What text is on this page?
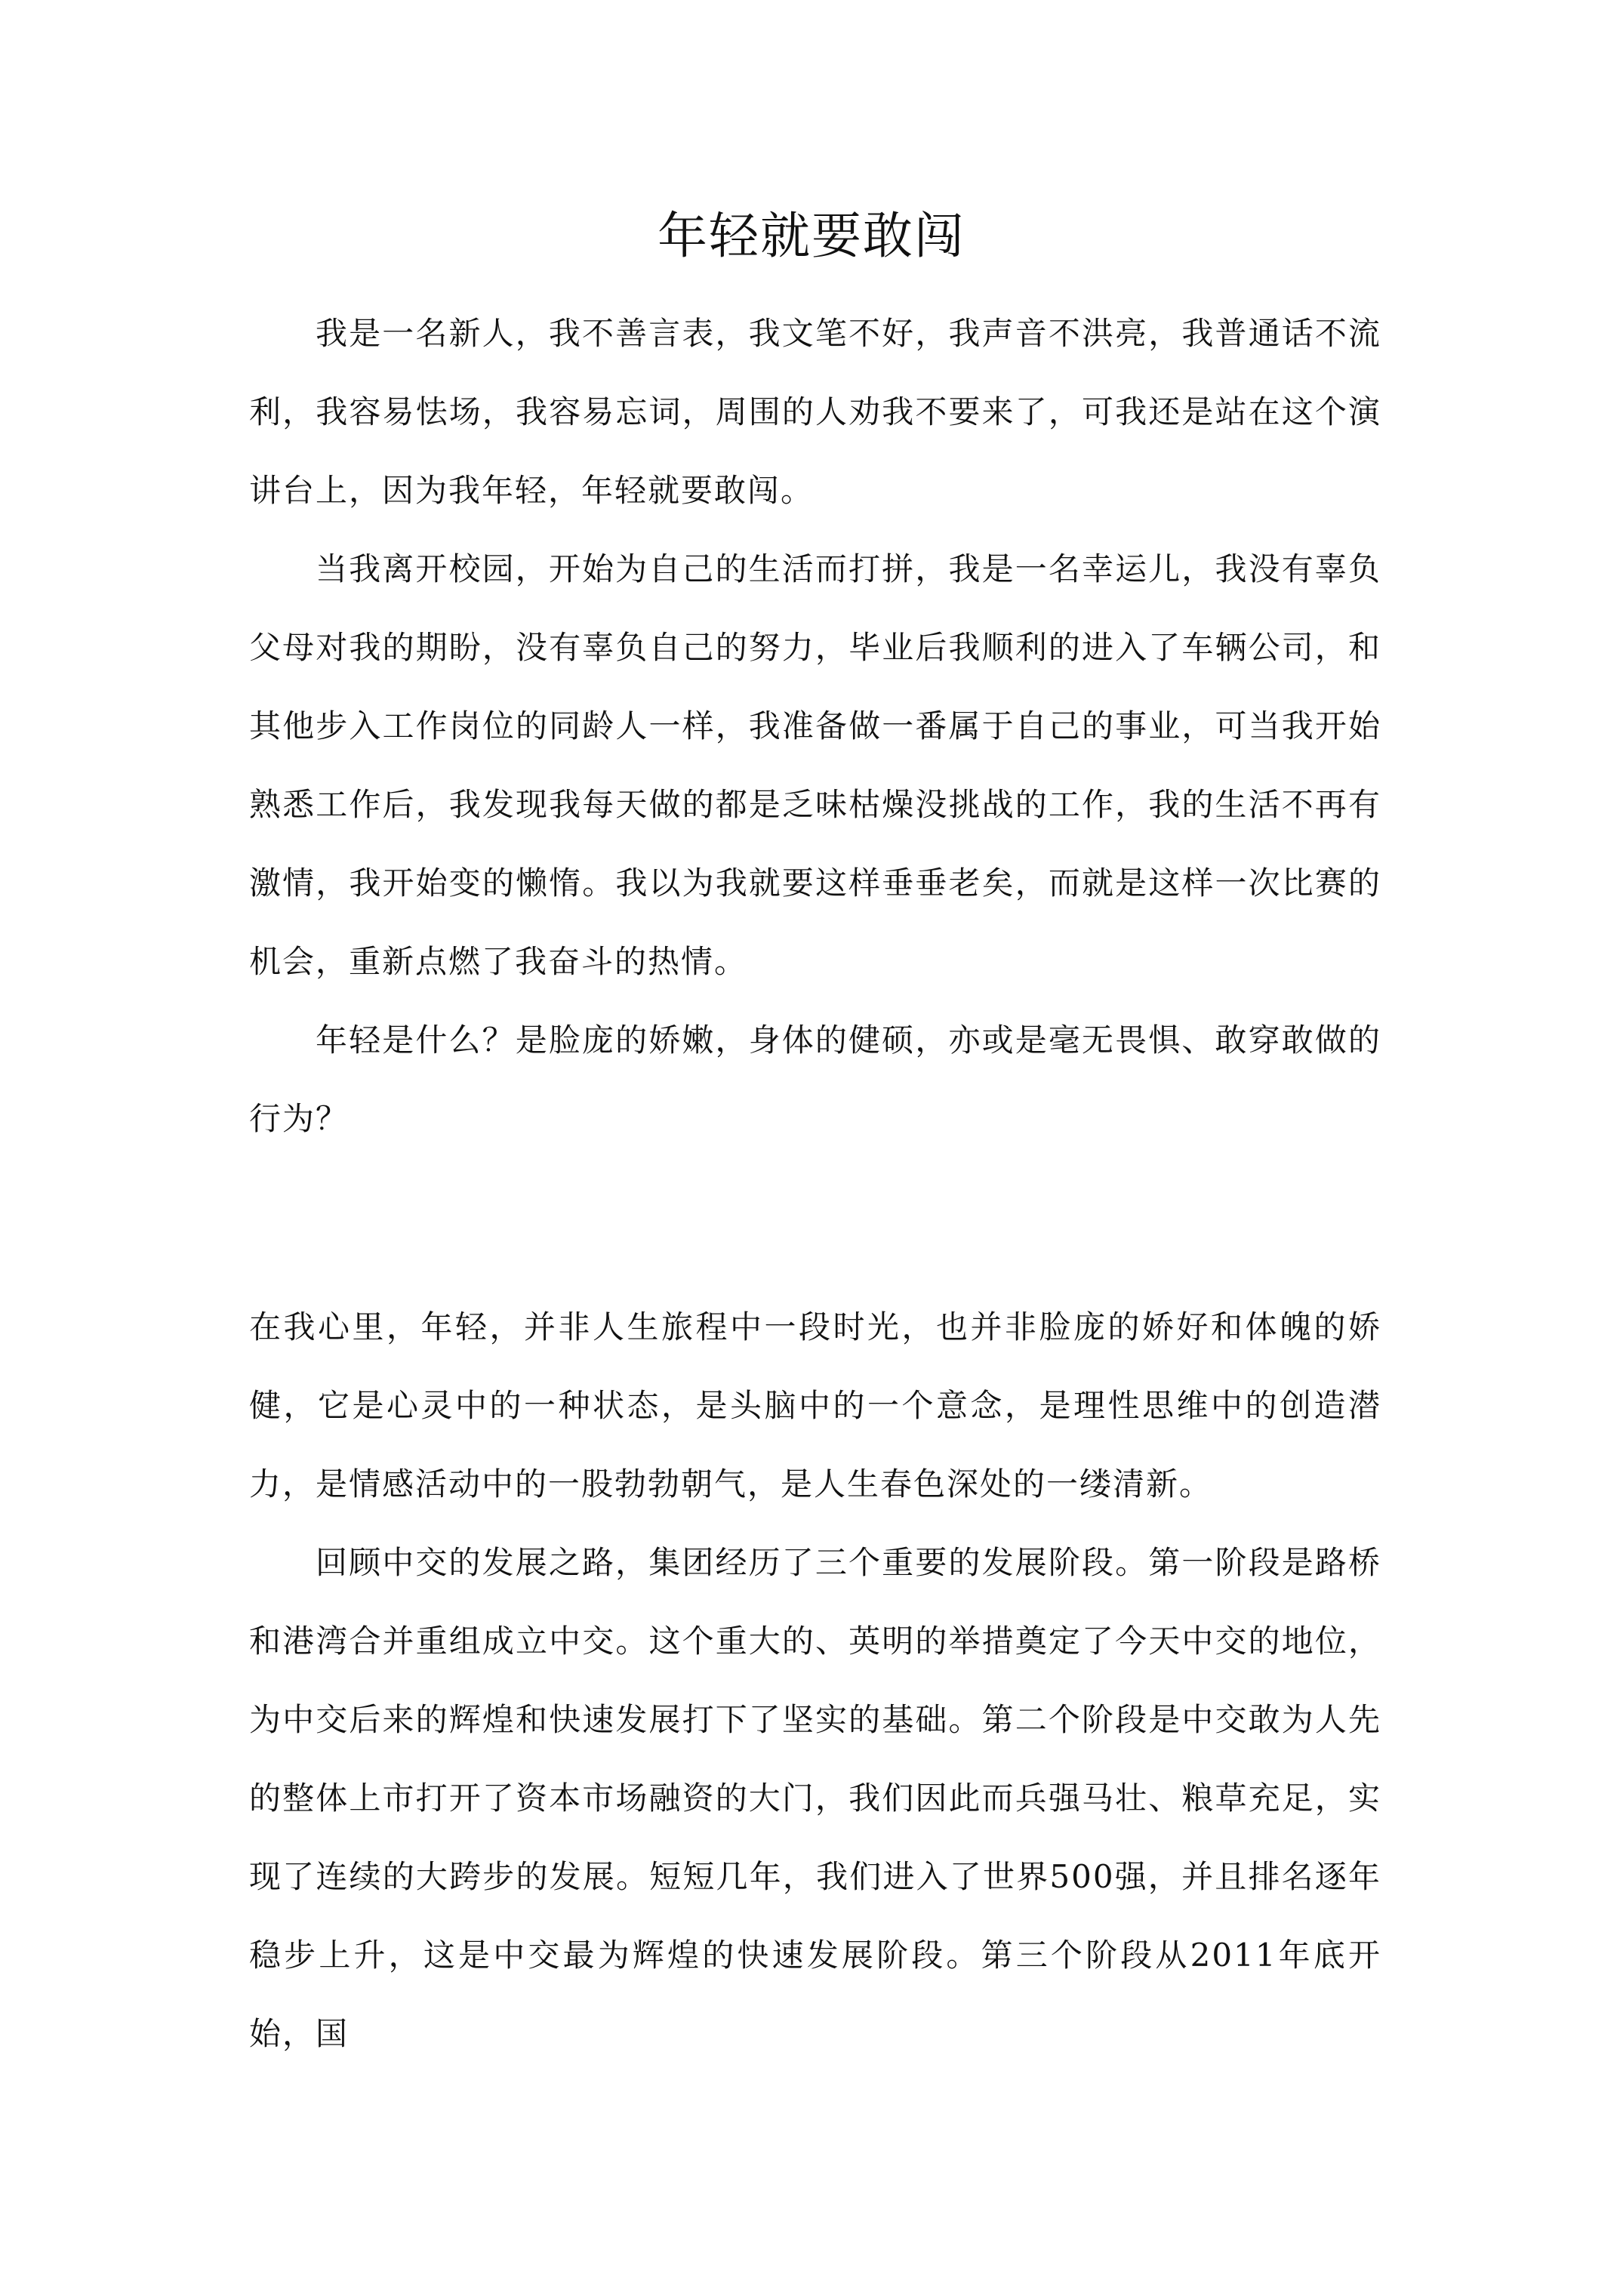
年轻就要敢闯

我是一名新人，我不善言表，我文笔不好，我声音不洪亮，我普通话不流利，我容易怯场，我容易忘词，周围的人劝我不要来了，可我还是站在这个演讲台上，因为我年轻，年轻就要敢闯。

当我离开校园，开始为自己的生活而打拼，我是一名幸运儿，我没有辜负父母对我的期盼，没有辜负自己的努力，毕业后我顺利的进入了车辆公司，和其他步入工作岗位的同龄人一样，我准备做一番属于自己的事业，可当我开始熟悉工作后，我发现我每天做的都是乏味枯燥没挑战的工作，我的生活不再有激情，我开始变的懒惰。我以为我就要这样垂垂老矣，而就是这样一次比赛的机会，重新点燃了我奋斗的热情。

年轻是什么？是脸庞的娇嫩，身体的健硕，亦或是毫无畏惧、敢穿敢做的行为？

在我心里，年轻，并非人生旅程中一段时光，也并非脸庞的娇好和体魄的娇健，它是心灵中的一种状态，是头脑中的一个意念，是理性思维中的创造潜力，是情感活动中的一股勃勃朝气，是人生春色深处的一缕清新。

回顾中交的发展之路，集团经历了三个重要的发展阶段。第一阶段是路桥和港湾合并重组成立中交。这个重大的、英明的举措奠定了今天中交的地位，为中交后来的辉煌和快速发展打下了坚实的基础。第二个阶段是中交敢为人先的整体上市打开了资本市场融资的大门，我们因此而兵强马壮、粮草充足，实现了连续的大跨步的发展。短短几年，我们进入了世界500强，并且排名逐年稳步上升，这是中交最为辉煌的快速发展阶段。第三个阶段从2011年底开始，国
